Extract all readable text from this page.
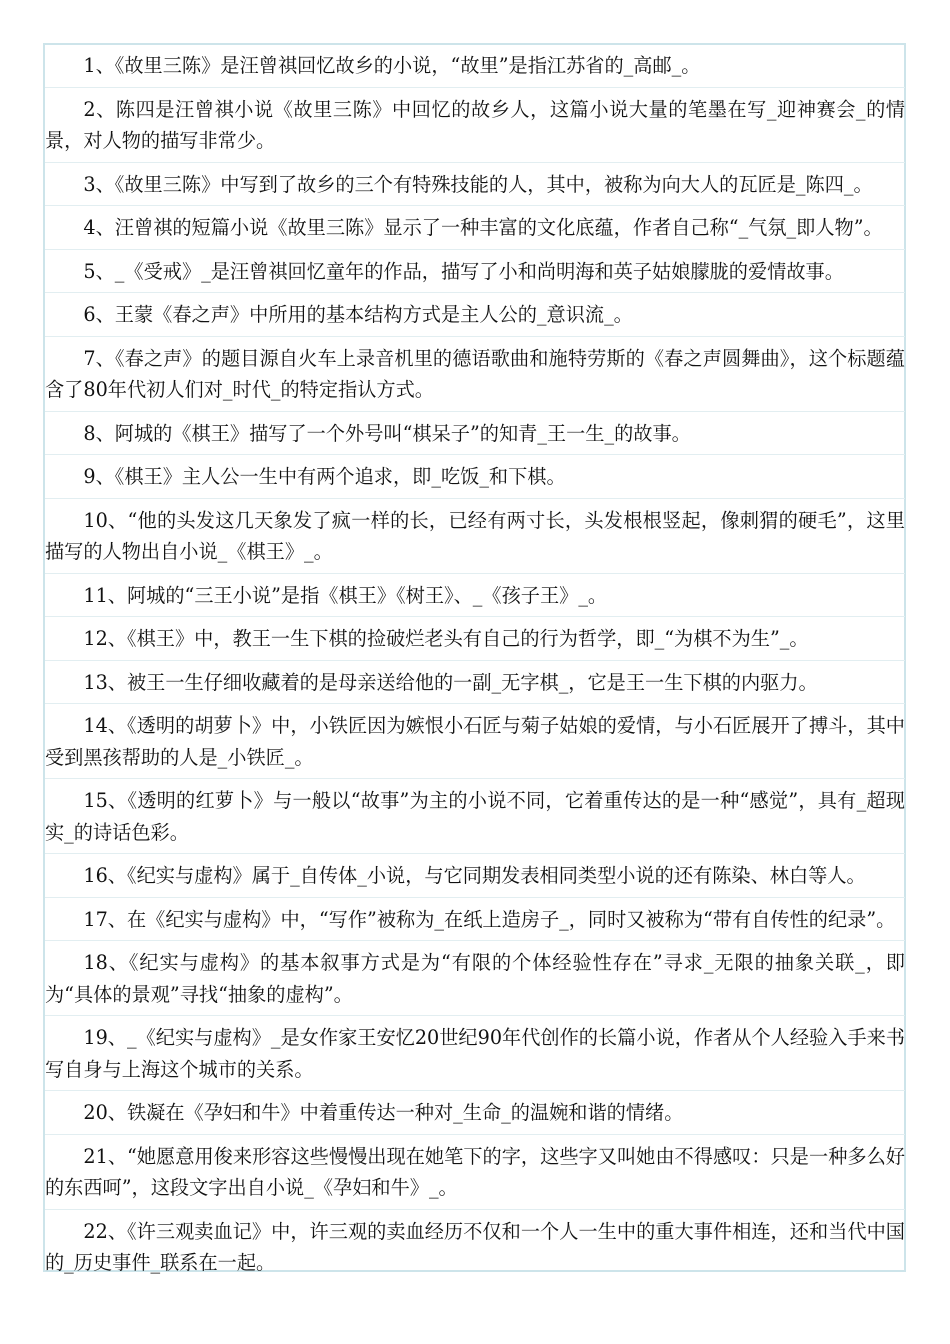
1、《故里三陈》是汪曾祺回忆故乡的小说，“故里”是指江苏省的_高邮_。

2、陈四是汪曾祺小说《故里三陈》中回忆的故乡人，这篇小说大量的笔墨在写_迎神赛会_的情景，对人物的描写非常少。

3、《故里三陈》中写到了故乡的三个有特殊技能的人，其中，被称为向大人的瓦匠是_陈四_。

4、汪曾祺的短篇小说《故里三陈》显示了一种丰富的文化底蕴，作者自己称“_气氛_即人物”。

5、_《受戒》_是汪曾祺回忆童年的作品，描写了小和尚明海和英子姑娘朦胧的爱情故事。

6、王蒙《春之声》中所用的基本结构方式是主人公的_意识流_。

7、《春之声》的题目源自火车上录音机里的德语歌曲和施特劳斯的《春之声圆舞曲》，这个标题蕴含了80年代初人们对_时代_的特定指认方式。

8、阿城的《棋王》描写了一个外号叫“棋呆子”的知青_王一生_的故事。

9、《棋王》主人公一生中有两个追求，即_吃饭_和下棋。

10、“他的头发这几天象发了疯一样的长，已经有两寸长，头发根根竖起，像刺猬的硬毛”，这里描写的人物出自小说_《棋王》_。

11、阿城的“三王小说”是指《棋王》《树王》、_《孩子王》_。

12、《棋王》中，教王一生下棋的捡破烂老头有自己的行为哲学，即_“为棋不为生”_。

13、被王一生仔细收藏着的是母亲送给他的一副_无字棋_，它是王一生下棋的内驱力。

14、《透明的胡萝卜》中，小铁匠因为嫉恨小石匠与菊子姑娘的爱情，与小石匠展开了搏斗，其中受到黑孩帮助的人是_小铁匠_。

15、《透明的红萝卜》与一般以“故事”为主的小说不同，它着重传达的是一种“感觉”，具有_超现实_的诗话色彩。

16、《纪实与虚构》属于_自传体_小说，与它同期发表相同类型小说的还有陈染、林白等人。

17、在《纪实与虚构》中，“写作”被称为_在纸上造房子_，同时又被称为“带有自传性的纪录”。

18、《纪实与虚构》的基本叙事方式是为“有限的个体经验性存在”寻求_无限的抽象关联_，即为“具体的景观”寻找“抽象的虚构”。

19、_《纪实与虚构》_是女作家王安忆20世纪90年代创作的长篇小说，作者从个人经验入手来书写自身与上海这个城市的关系。

20、铁凝在《孕妇和牛》中着重传达一种对_生命_的温婉和谐的情绪。

21、“她愿意用俊来形容这些慢慢出现在她笔下的字，这些字又叫她由不得感叹：只是一种多么好的东西呵”，这段文字出自小说_《孕妇和牛》_。

22、《许三观卖血记》中，许三观的卖血经历不仅和一个人一生中的重大事件相连，还和当代中国的_历史事件_联系在一起。
